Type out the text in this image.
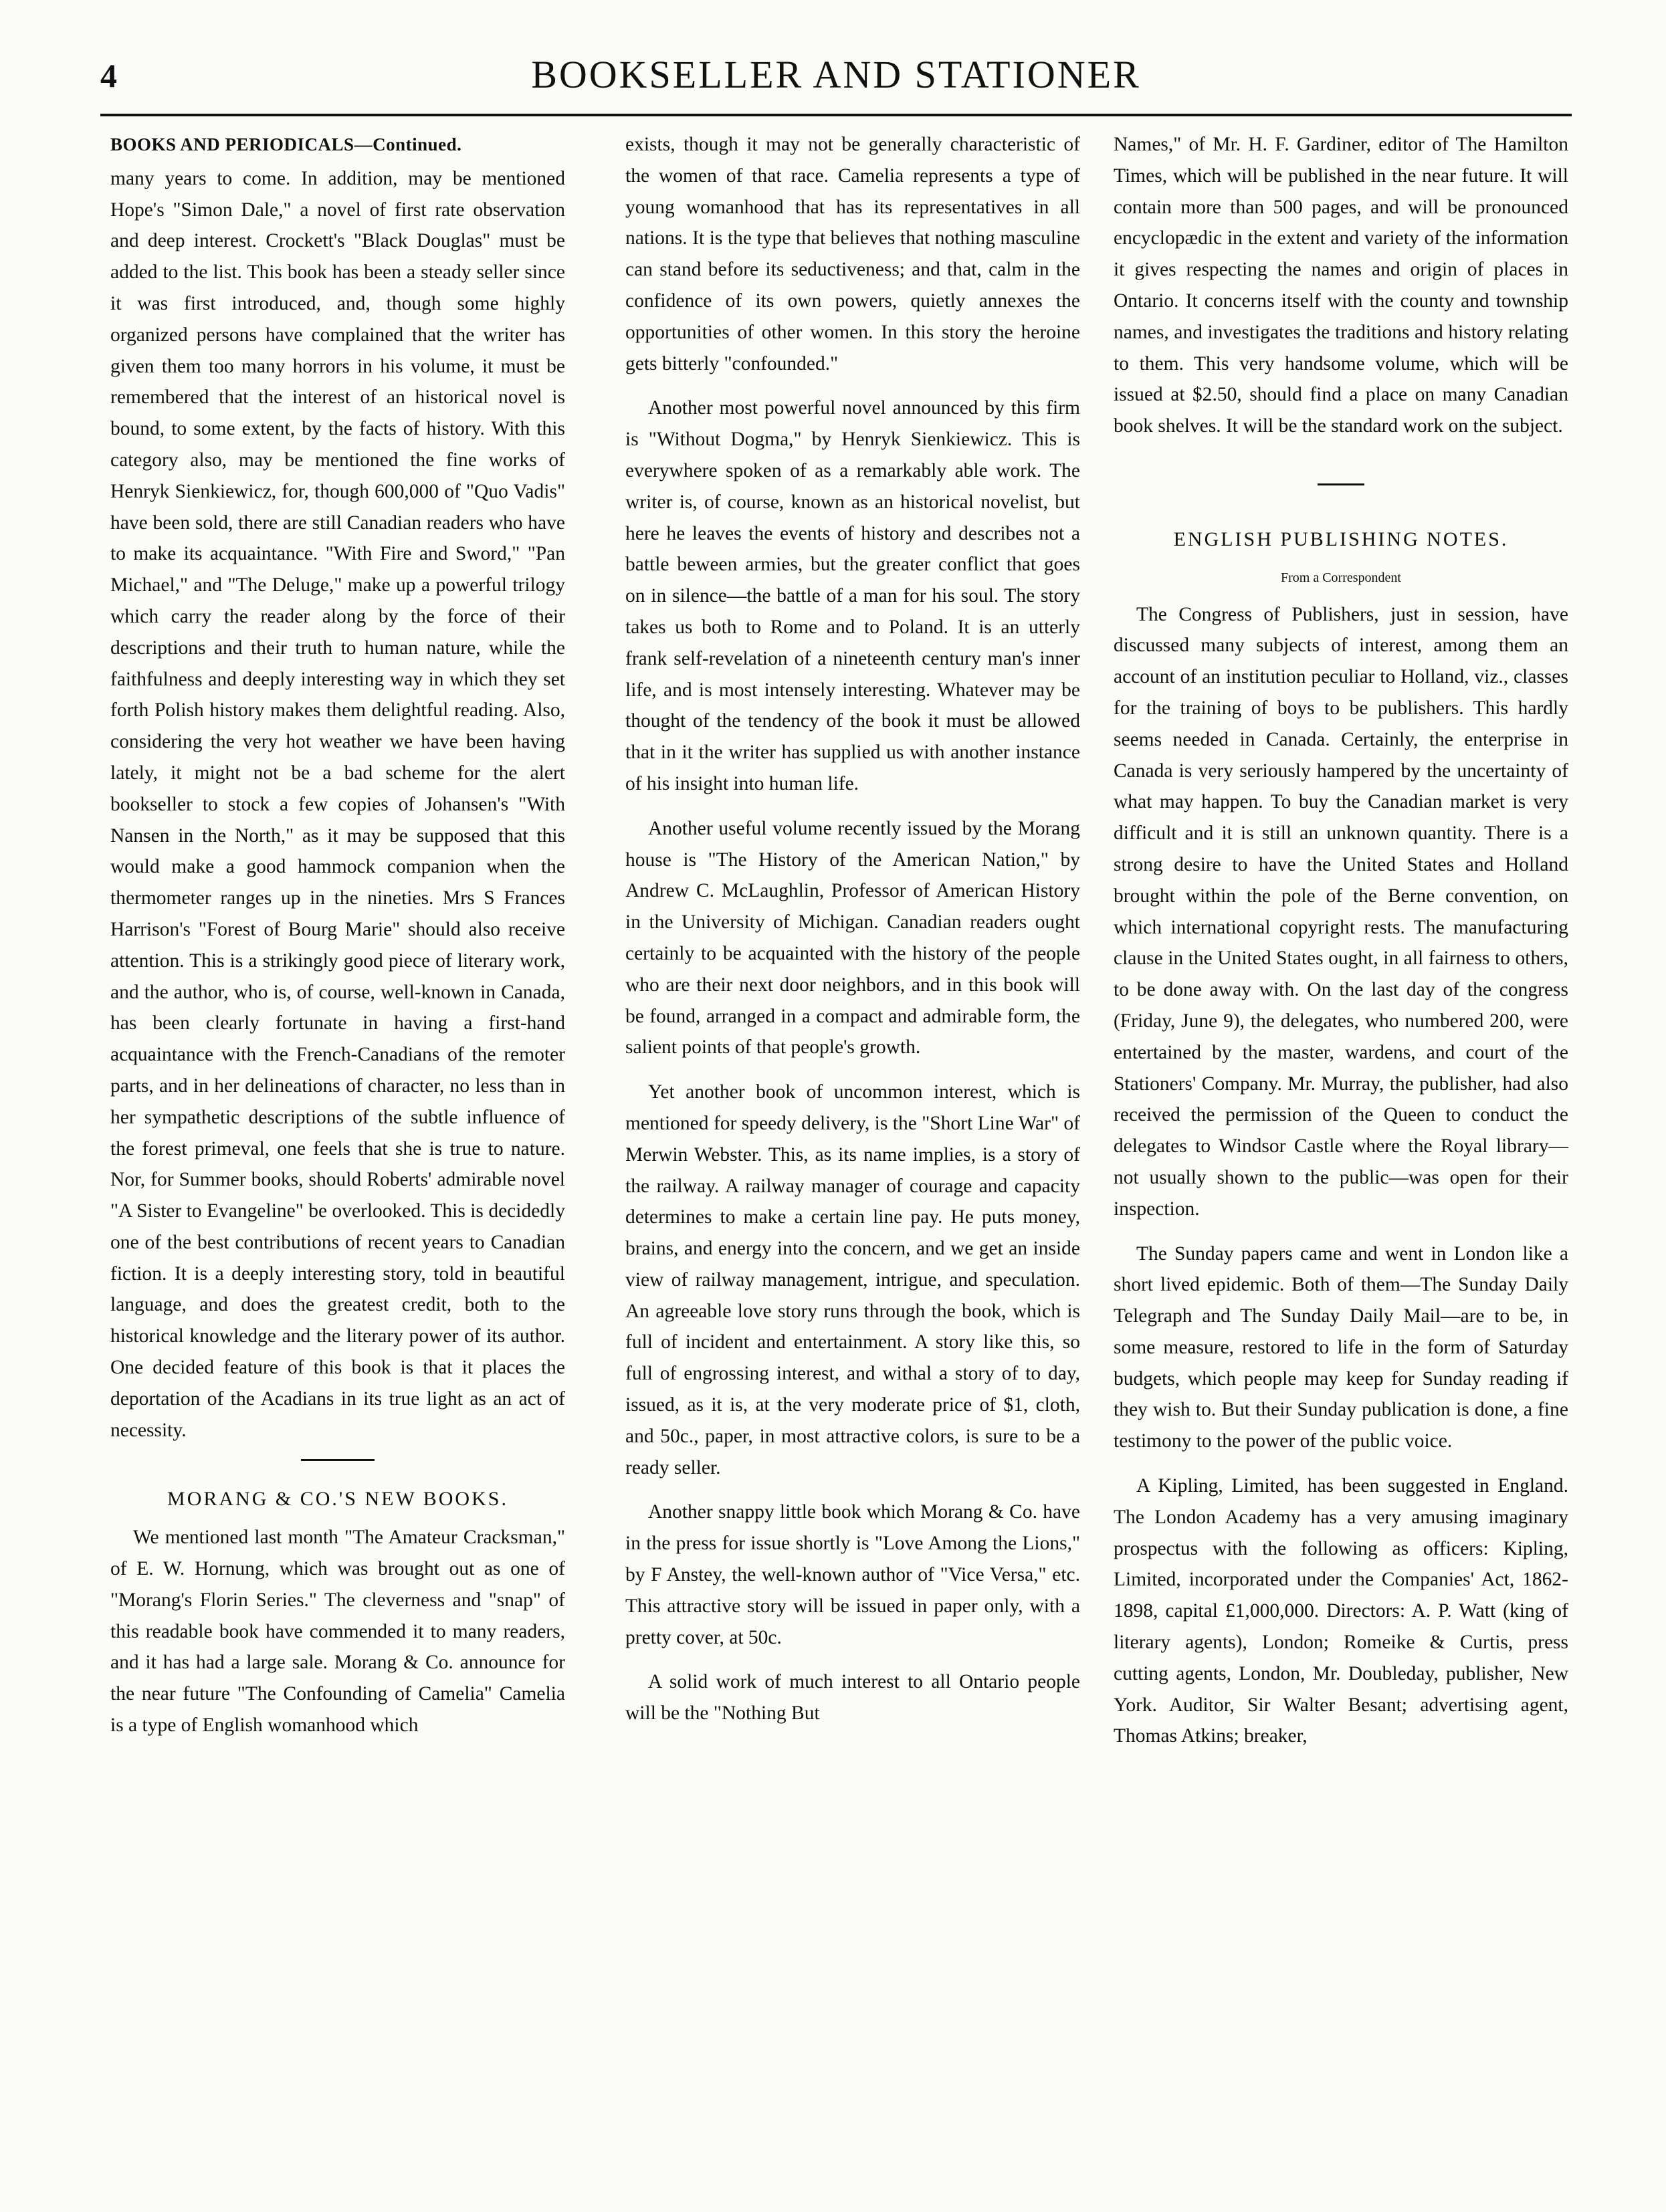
4	BOOKSELLER AND STATIONER
BOOKS AND PERIODICALS—Continued.

many years to come. In addition, may be mentioned Hope's "Simon Dale," a novel of first rate observation and deep interest. Crockett's "Black Douglas" must be added to the list. This book has been a steady seller since it was first introduced, and, though some highly organized persons have complained that the writer has given them too many horrors in his volume, it must be remembered that the interest of an historical novel is bound, to some extent, by the facts of history. With this category also, may be mentioned the fine works of Henryk Sienkiewicz, for, though 600,000 of "Quo Vadis" have been sold, there are still Canadian readers who have to make its acquaintance. "With Fire and Sword," "Pan Michael," and "The Deluge," make up a powerful trilogy which carry the reader along by the force of their descriptions and their truth to human nature, while the faithfulness and deeply interesting way in which they set forth Polish history makes them delightful reading. Also, considering the very hot weather we have been having lately, it might not be a bad scheme for the alert bookseller to stock a few copies of Johansen's "With Nansen in the North," as it may be supposed that this would make a good hammock companion when the thermometer ranges up in the nineties. Mrs S Frances Harrison's "Forest of Bourg Marie" should also receive attention. This is a strikingly good piece of literary work, and the author, who is, of course, well-known in Canada, has been clearly fortunate in having a first-hand acquaintance with the French-Canadians of the remoter parts, and in her delineations of character, no less than in her sympathetic descriptions of the subtle influence of the forest primeval, one feels that she is true to nature. Nor, for Summer books, should Roberts' admirable novel "A Sister to Evangeline" be overlooked. This is decidedly one of the best contributions of recent years to Canadian fiction. It is a deeply interesting story, told in beautiful language, and does the greatest credit, both to the historical knowledge and the literary power of its author. One decided feature of this book is that it places the deportation of the Acadians in its true light as an act of necessity.

MORANG & CO.'S NEW BOOKS.

We mentioned last month "The Amateur Cracksman," of E. W. Hornung, which was brought out as one of "Morang's Florin Series." The cleverness and "snap" of this readable book have commended it to many readers, and it has had a large sale. Morang & Co. announce for the near future "The Confounding of Camelia" Camelia is a type of English womanhood which

exists, though it may not be generally characteristic of the women of that race. Camelia represents a type of young womanhood that has its representatives in all nations. It is the type that believes that nothing masculine can stand before its seductiveness; and that, calm in the confidence of its own powers, quietly annexes the opportunities of other women. In this story the heroine gets bitterly "confounded."

Another most powerful novel announced by this firm is "Without Dogma," by Henryk Sienkiewicz. This is everywhere spoken of as a remarkably able work. The writer is, of course, known as an historical novelist, but here he leaves the events of history and describes not a battle beween armies, but the greater conflict that goes on in silence—the battle of a man for his soul. The story takes us both to Rome and to Poland. It is an utterly frank self-revelation of a nineteenth century man's inner life, and is most intensely interesting. Whatever may be thought of the tendency of the book it must be allowed that in it the writer has supplied us with another instance of his insight into human life.

Another useful volume recently issued by the Morang house is "The History of the American Nation," by Andrew C. McLaughlin, Professor of American History in the University of Michigan. Canadian readers ought certainly to be acquainted with the history of the people who are their next door neighbors, and in this book will be found, arranged in a compact and admirable form, the salient points of that people's growth.

Yet another book of uncommon interest, which is mentioned for speedy delivery, is the "Short Line War" of Merwin Webster. This, as its name implies, is a story of the railway. A railway manager of courage and capacity determines to make a certain line pay. He puts money, brains, and energy into the concern, and we get an inside view of railway management, intrigue, and speculation. An agreeable love story runs through the book, which is full of incident and entertainment. A story like this, so full of engrossing interest, and withal a story of to day, issued, as it is, at the very moderate price of $1, cloth, and 50c., paper, in most attractive colors, is sure to be a ready seller.

Another snappy little book which Morang & Co. have in the press for issue shortly is "Love Among the Lions," by F Anstey, the well-known author of "Vice Versa," etc. This attractive story will be issued in paper only, with a pretty cover, at 50c.

A solid work of much interest to all Ontario people will be the "Nothing But

Names," of Mr. H. F. Gardiner, editor of The Hamilton Times, which will be published in the near future. It will contain more than 500 pages, and will be pronounced encyclopædic in the extent and variety of the information it gives respecting the names and origin of places in Ontario. It concerns itself with the county and township names, and investigates the traditions and history relating to them. This very handsome volume, which will be issued at $2.50, should find a place on many Canadian book shelves. It will be the standard work on the subject.

ENGLISH PUBLISHING NOTES.
From a Correspondent

The Congress of Publishers, just in session, have discussed many subjects of interest, among them an account of an institution peculiar to Holland, viz., classes for the training of boys to be publishers. This hardly seems needed in Canada. Certainly, the enterprise in Canada is very seriously hampered by the uncertainty of what may happen. To buy the Canadian market is very difficult and it is still an unknown quantity. There is a strong desire to have the United States and Holland brought within the pole of the Berne convention, on which international copyright rests. The manufacturing clause in the United States ought, in all fairness to others, to be done away with. On the last day of the congress (Friday, June 9), the delegates, who numbered 200, were entertained by the master, wardens, and court of the Stationers' Company. Mr. Murray, the publisher, had also received the permission of the Queen to conduct the delegates to Windsor Castle where the Royal library—not usually shown to the public—was open for their inspection.

The Sunday papers came and went in London like a short lived epidemic. Both of them—The Sunday Daily Telegraph and The Sunday Daily Mail—are to be, in some measure, restored to life in the form of Saturday budgets, which people may keep for Sunday reading if they wish to. But their Sunday publication is done, a fine testimony to the power of the public voice.

A Kipling, Limited, has been suggested in England. The London Academy has a very amusing imaginary prospectus with the following as officers: Kipling, Limited, incorporated under the Companies' Act, 1862-1898, capital £1,000,000. Directors: A. P. Watt (king of literary agents), London; Romeike & Curtis, press cutting agents, London, Mr. Doubleday, publisher, New York. Auditor, Sir Walter Besant; advertising agent, Thomas Atkins; breaker,
